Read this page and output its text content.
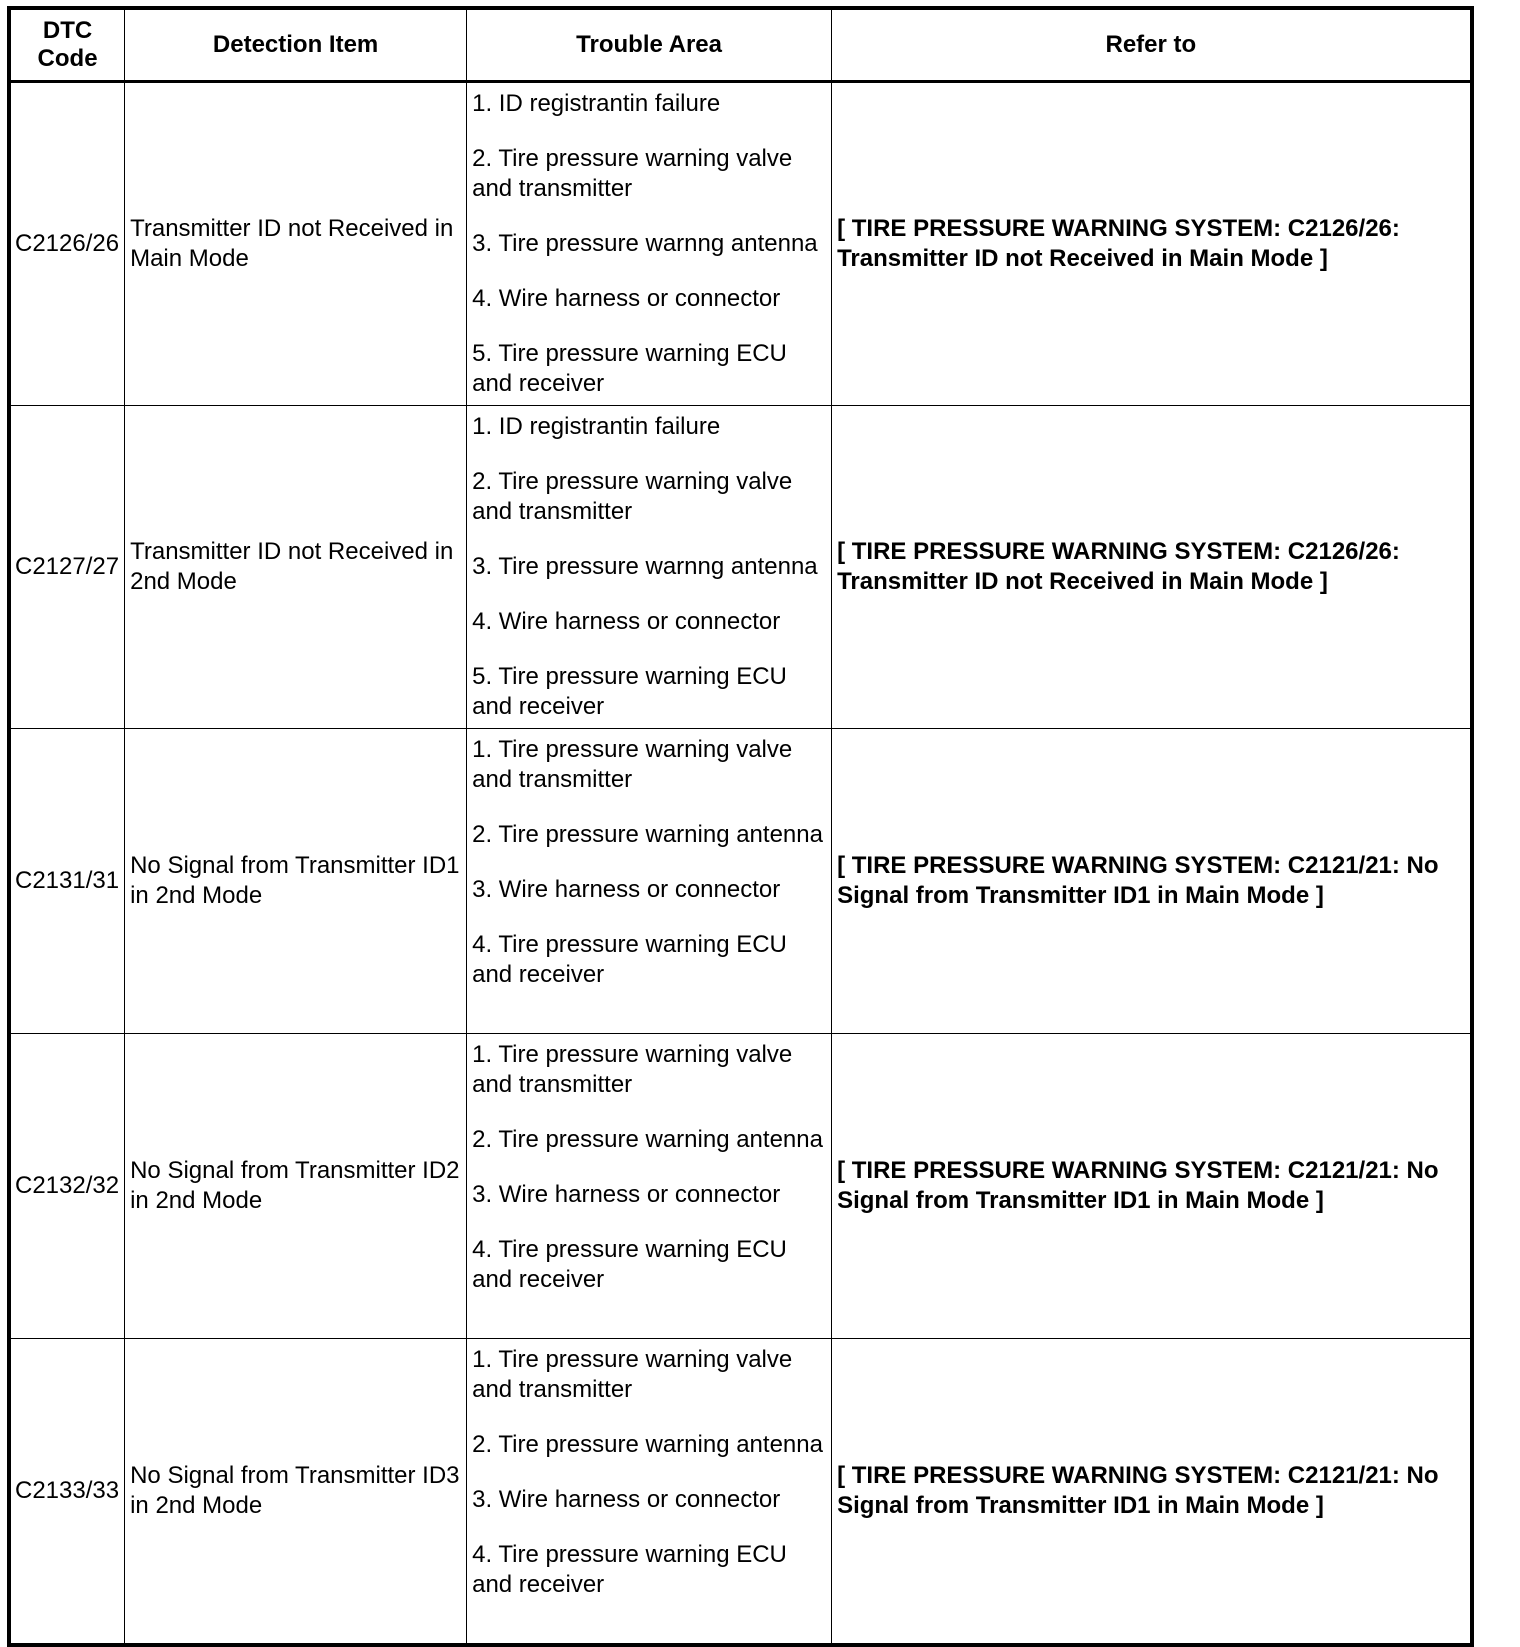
DTC Code	Detection Item	Trouble Area	Refer to
C2126/26	Transmitter ID not Received in Main Mode	1. ID registrantin failure
2. Tire pressure warning valve and transmitter
3. Tire pressure warnng antenna
4. Wire harness or connector
5. Tire pressure warning ECU and receiver	[ TIRE PRESSURE WARNING SYSTEM: C2126/26: Transmitter ID not Received in Main Mode ]
C2127/27	Transmitter ID not Received in 2nd Mode	1. ID registrantin failure
2. Tire pressure warning valve and transmitter
3. Tire pressure warnng antenna
4. Wire harness or connector
5. Tire pressure warning ECU and receiver	[ TIRE PRESSURE WARNING SYSTEM: C2126/26: Transmitter ID not Received in Main Mode ]
C2131/31	No Signal from Transmitter ID1 in 2nd Mode	1. Tire pressure warning valve and transmitter
2. Tire pressure warning antenna
3. Wire harness or connector
4. Tire pressure warning ECU and receiver	[ TIRE PRESSURE WARNING SYSTEM: C2121/21: No Signal from Transmitter ID1 in Main Mode ]
C2132/32	No Signal from Transmitter ID2 in 2nd Mode	1. Tire pressure warning valve and transmitter
2. Tire pressure warning antenna
3. Wire harness or connector
4. Tire pressure warning ECU and receiver	[ TIRE PRESSURE WARNING SYSTEM: C2121/21: No Signal from Transmitter ID1 in Main Mode ]
C2133/33	No Signal from Transmitter ID3 in 2nd Mode	1. Tire pressure warning valve and transmitter
2. Tire pressure warning antenna
3. Wire harness or connector
4. Tire pressure warning ECU and receiver	[ TIRE PRESSURE WARNING SYSTEM: C2121/21: No Signal from Transmitter ID1 in Main Mode ]
